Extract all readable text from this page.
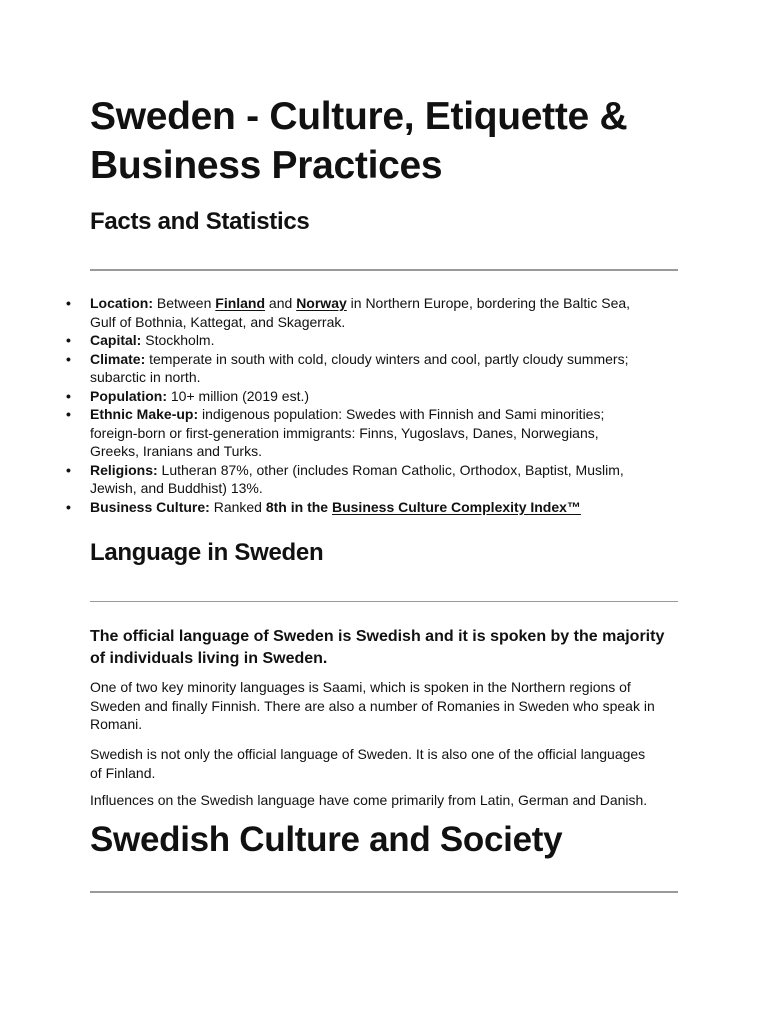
Sweden - Culture, Etiquette &
Business Practices
Facts and Statistics
•	Location: Between Finland and Norway in Northern Europe, bordering the Baltic Sea,
Gulf of Bothnia, Kattegat, and Skagerrak.
•	Capital: Stockholm.
•	Climate: temperate in south with cold, cloudy winters and cool, partly cloudy summers;
subarctic in north.
•	Population: 10+ million (2019 est.)
•	Ethnic Make-up: indigenous population: Swedes with Finnish and Sami minorities;
foreign-born or first-generation immigrants: Finns, Yugoslavs, Danes, Norwegians,
Greeks, Iranians and Turks.
•	Religions: Lutheran 87%, other (includes Roman Catholic, Orthodox, Baptist, Muslim,
Jewish, and Buddhist) 13%.
•	Business Culture: Ranked 8th in the Business Culture Complexity Index™
Language in Sweden

The official language of Sweden is Swedish and it is spoken by the majority
of individuals living in Sweden.

One of two key minority languages is Saami, which is spoken in the Northern regions of
Sweden and finally Finnish. There are also a number of Romanies in Sweden who speak in
Romani.

Swedish is not only the official language of Sweden. It is also one of the official languages
of Finland.

Influences on the Swedish language have come primarily from Latin, German and Danish.

Swedish Culture and Society
